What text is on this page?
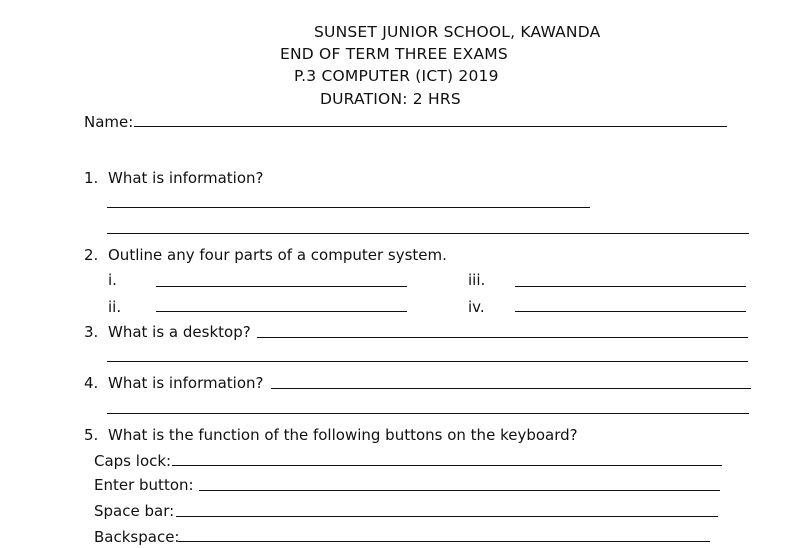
SUNSET JUNIOR SCHOOL, KAWANDA
END OF TERM THREE EXAMS
P.3 COMPUTER (ICT) 2019
DURATION: 2 HRS
Name:
1. What is information?
2. Outline any four parts of a computer system.
i.
ii.
iii.
iv.
3. What is a desktop?
4. What is information?
5. What is the function of the following buttons on the keyboard?
Caps lock:
Enter button:
Space bar:
Backspace:
